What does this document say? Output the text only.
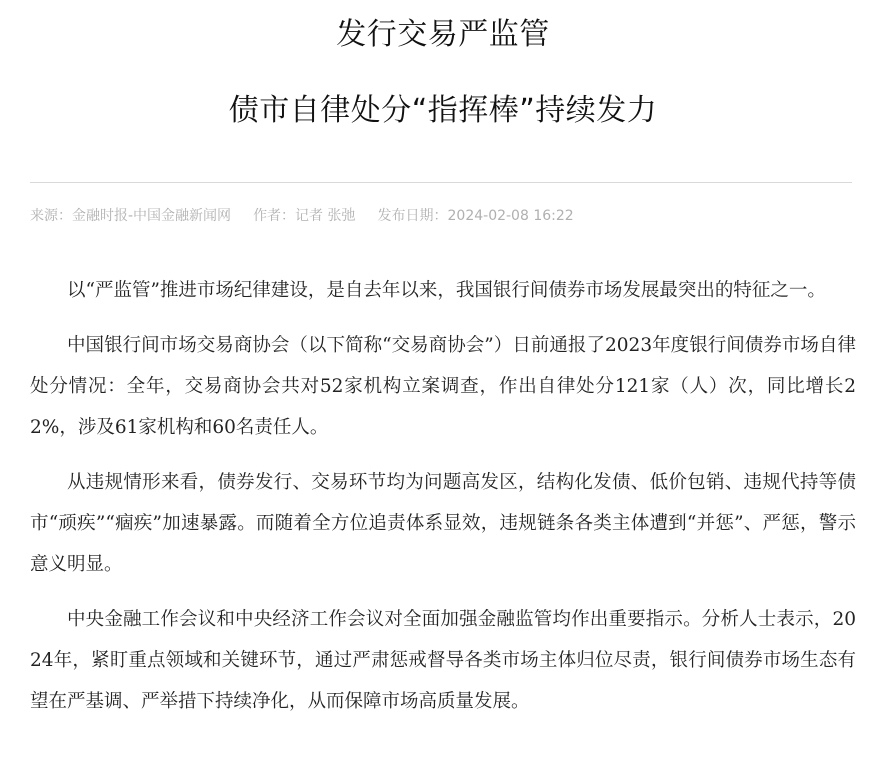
发行交易严监管
债市自律处分“指挥棒”持续发力
来源：金融时报-中国金融新闻网 作者：记者 张弛 发布日期：2024-02-08 16:22

以“严监管”推进市场纪律建设，是自去年以来，我国银行间债券市场发展最突出的特征之一。

中国银行间市场交易商协会（以下简称“交易商协会”）日前通报了2023年度银行间债券市场自律处分情况：全年，交易商协会共对52家机构立案调查，作出自律处分121家（人）次，同比增长22%，涉及61家机构和60名责任人。

从违规情形来看，债券发行、交易环节均为问题高发区，结构化发债、低价包销、违规代持等债市“顽疾”“痼疾”加速暴露。而随着全方位追责体系显效，违规链条各类主体遭到“并惩”、严惩，警示意义明显。

中央金融工作会议和中央经济工作会议对全面加强金融监管均作出重要指示。分析人士表示，2024年，紧盯重点领域和关键环节，通过严肃惩戒督导各类市场主体归位尽责，银行间债券市场生态有望在严基调、严举措下持续净化，从而保障市场高质量发展。
